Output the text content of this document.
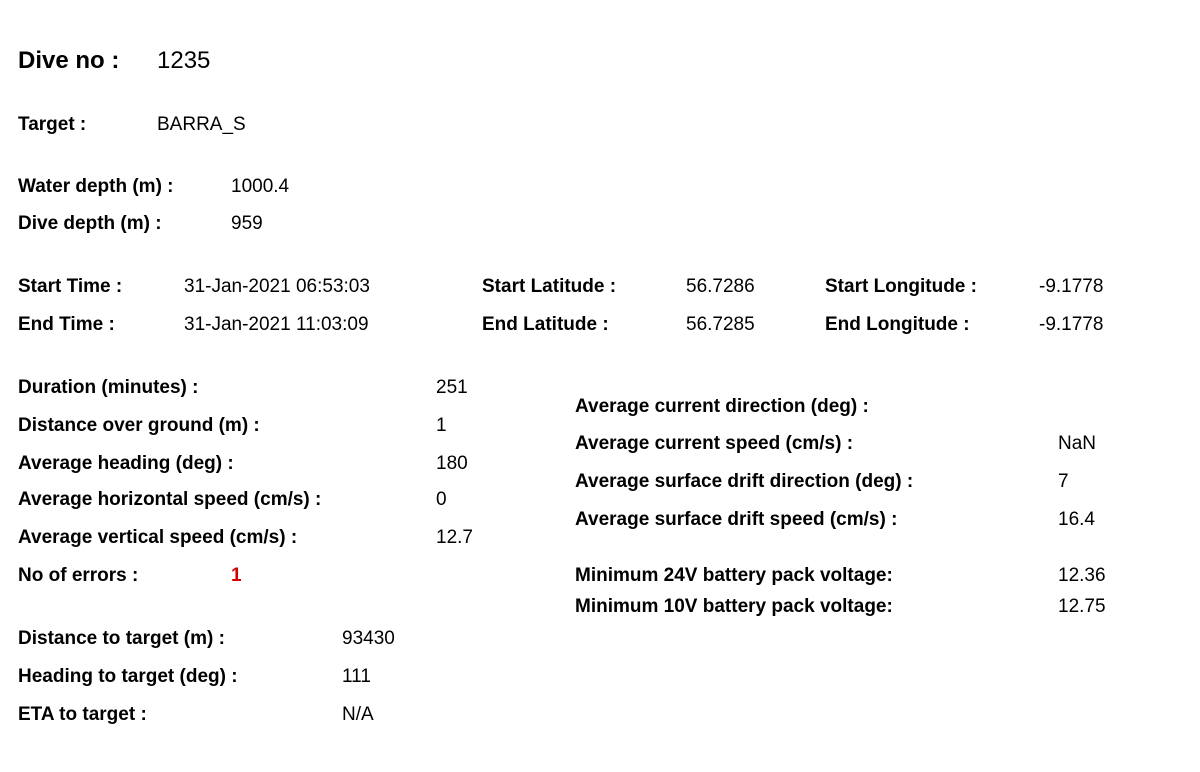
Dive no : 1235
Target :	BARRA_S
Water depth (m) :	1000.4
Dive depth (m) :	959
Start Time :	31-Jan-2021 06:53:03	Start Latitude :	56.7286	Start Longitude :	-9.1778
End Time :	31-Jan-2021 11:03:09	End Latitude :	56.7285	End Longitude :	-9.1778
Duration (minutes) :	251
Distance over ground (m) :	1
Average heading (deg) :	180
Average horizontal speed (cm/s) :	0
Average vertical speed (cm/s) :	12.7
No of errors :	1
Average current direction (deg) :
Average current speed (cm/s) :	NaN
Average surface drift direction (deg) :	7
Average surface drift speed (cm/s) :	16.4
Minimum 24V battery pack voltage:	12.36
Minimum 10V battery pack voltage:	12.75
Distance to target (m) :	93430
Heading to target (deg) :	111
ETA to target :	N/A
